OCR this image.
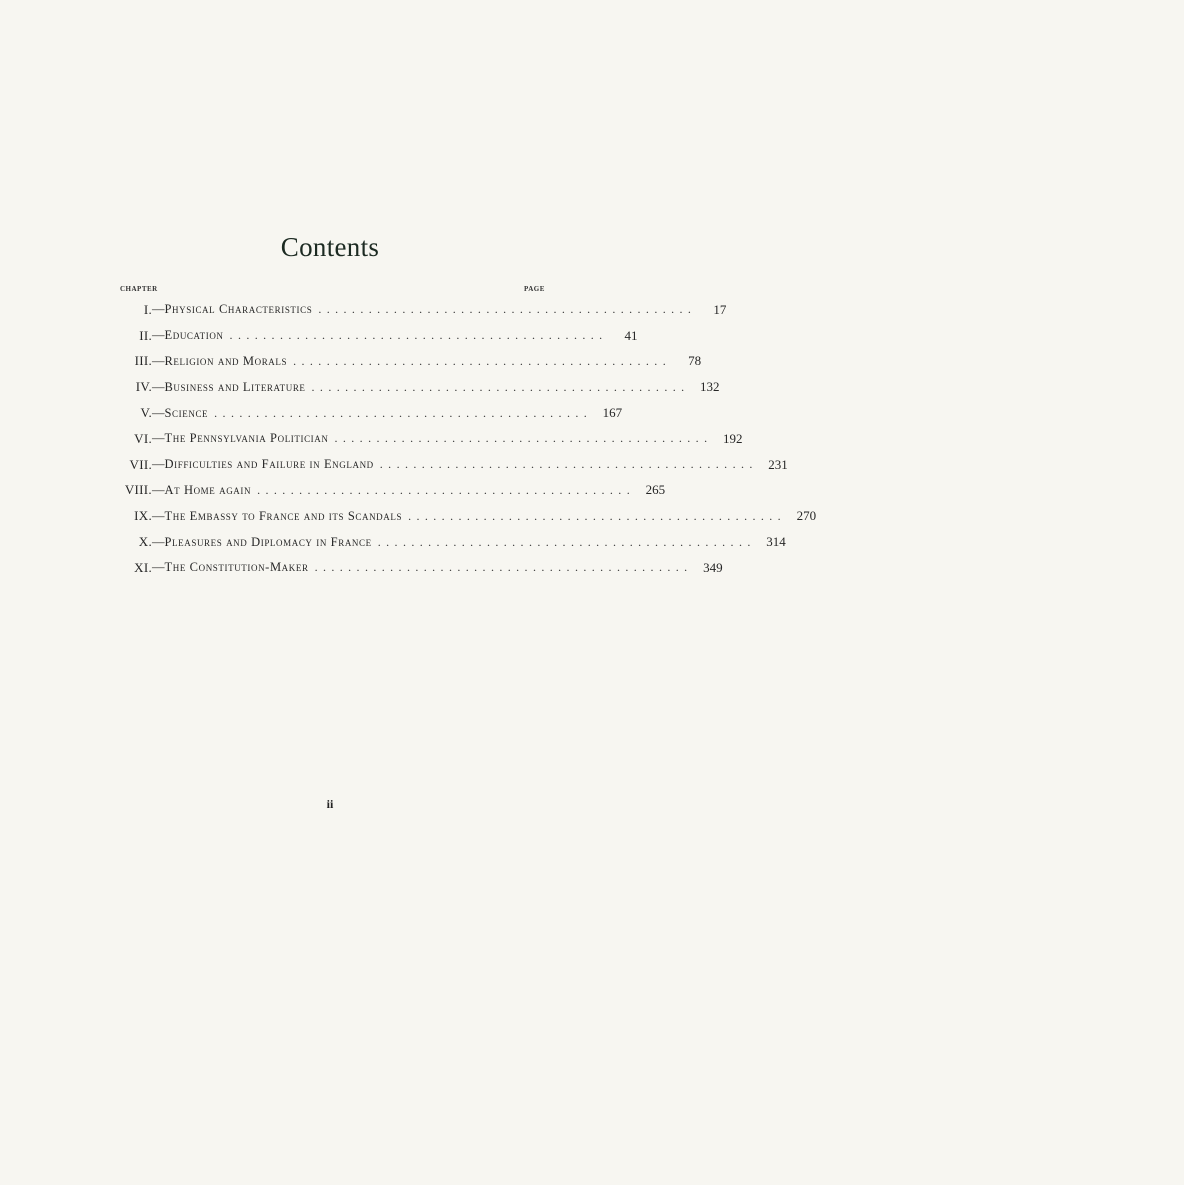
Contents
CHAPTER	PAGE
I. — Physical Characteristics .............................................	17
II. — Education .............................................	41
III. — Religion and Morals .............................................	78
IV. — Business and Literature ............................................. 132
V. — Science ............................................. 167
VI. — The Pennsylvania Politician ............................................. 192
VII. — Difficulties and Failure in England ............................................. 231
VIII. — At Home again ............................................. 265
IX. — The Embassy to France and its Scandals ............................................. 270
X. — Pleasures and Diplomacy in France ............................................. 314
XI. — The Constitution-Maker ............................................. 349
ii
